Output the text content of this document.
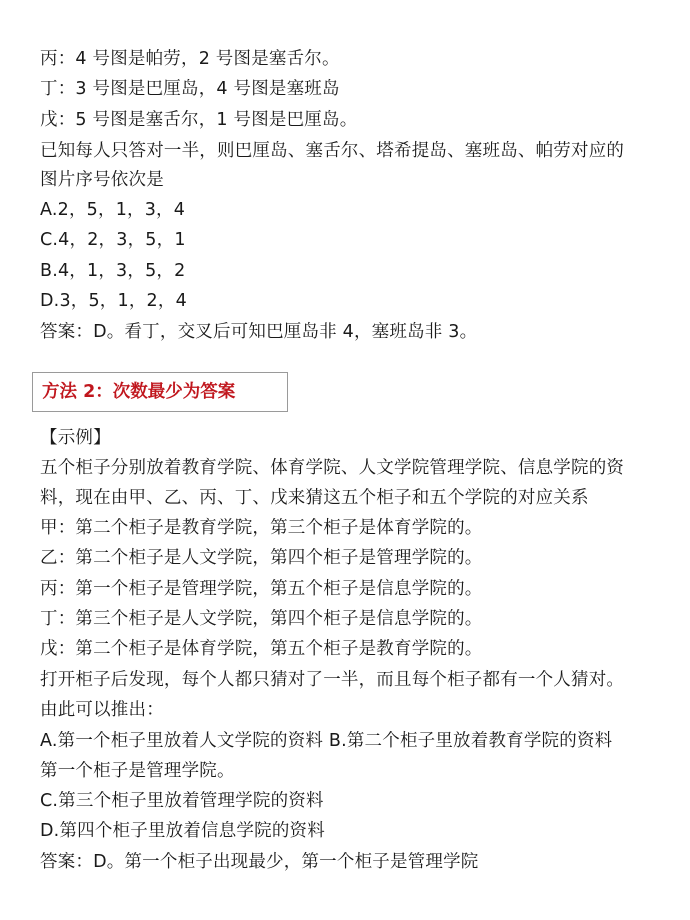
丙：4 号图是帕劳，2 号图是塞舌尔。
丁：3 号图是巴厘岛，4 号图是塞班岛
戊：5 号图是塞舌尔，1 号图是巴厘岛。
已知每人只答对一半，则巴厘岛、塞舌尔、塔希提岛、塞班岛、帕劳对应的
图片序号依次是
A.2，5，1，3，4
C.4，2，3，5，1
B.4，1，3，5，2
D.3，5，1，2，4
答案：D。看丁，交叉后可知巴厘岛非 4，塞班岛非 3。
方法 2：次数最少为答案
【示例】
五个柜子分别放着教育学院、体育学院、人文学院管理学院、信息学院的资
料，现在由甲、乙、丙、丁、戊来猜这五个柜子和五个学院的对应关系
甲：第二个柜子是教育学院，第三个柜子是体育学院的。
乙：第二个柜子是人文学院，第四个柜子是管理学院的。
丙：第一个柜子是管理学院，第五个柜子是信息学院的。
丁：第三个柜子是人文学院，第四个柜子是信息学院的。
戊：第二个柜子是体育学院，第五个柜子是教育学院的。
打开柜子后发现，每个人都只猜对了一半，而且每个柜子都有一个人猜对。
由此可以推出：
A.第一个柜子里放着人文学院的资料 B.第二个柜子里放着教育学院的资料
第一个柜子是管理学院。
C.第三个柜子里放着管理学院的资料
D.第四个柜子里放着信息学院的资料
答案：D。第一个柜子出现最少，第一个柜子是管理学院
